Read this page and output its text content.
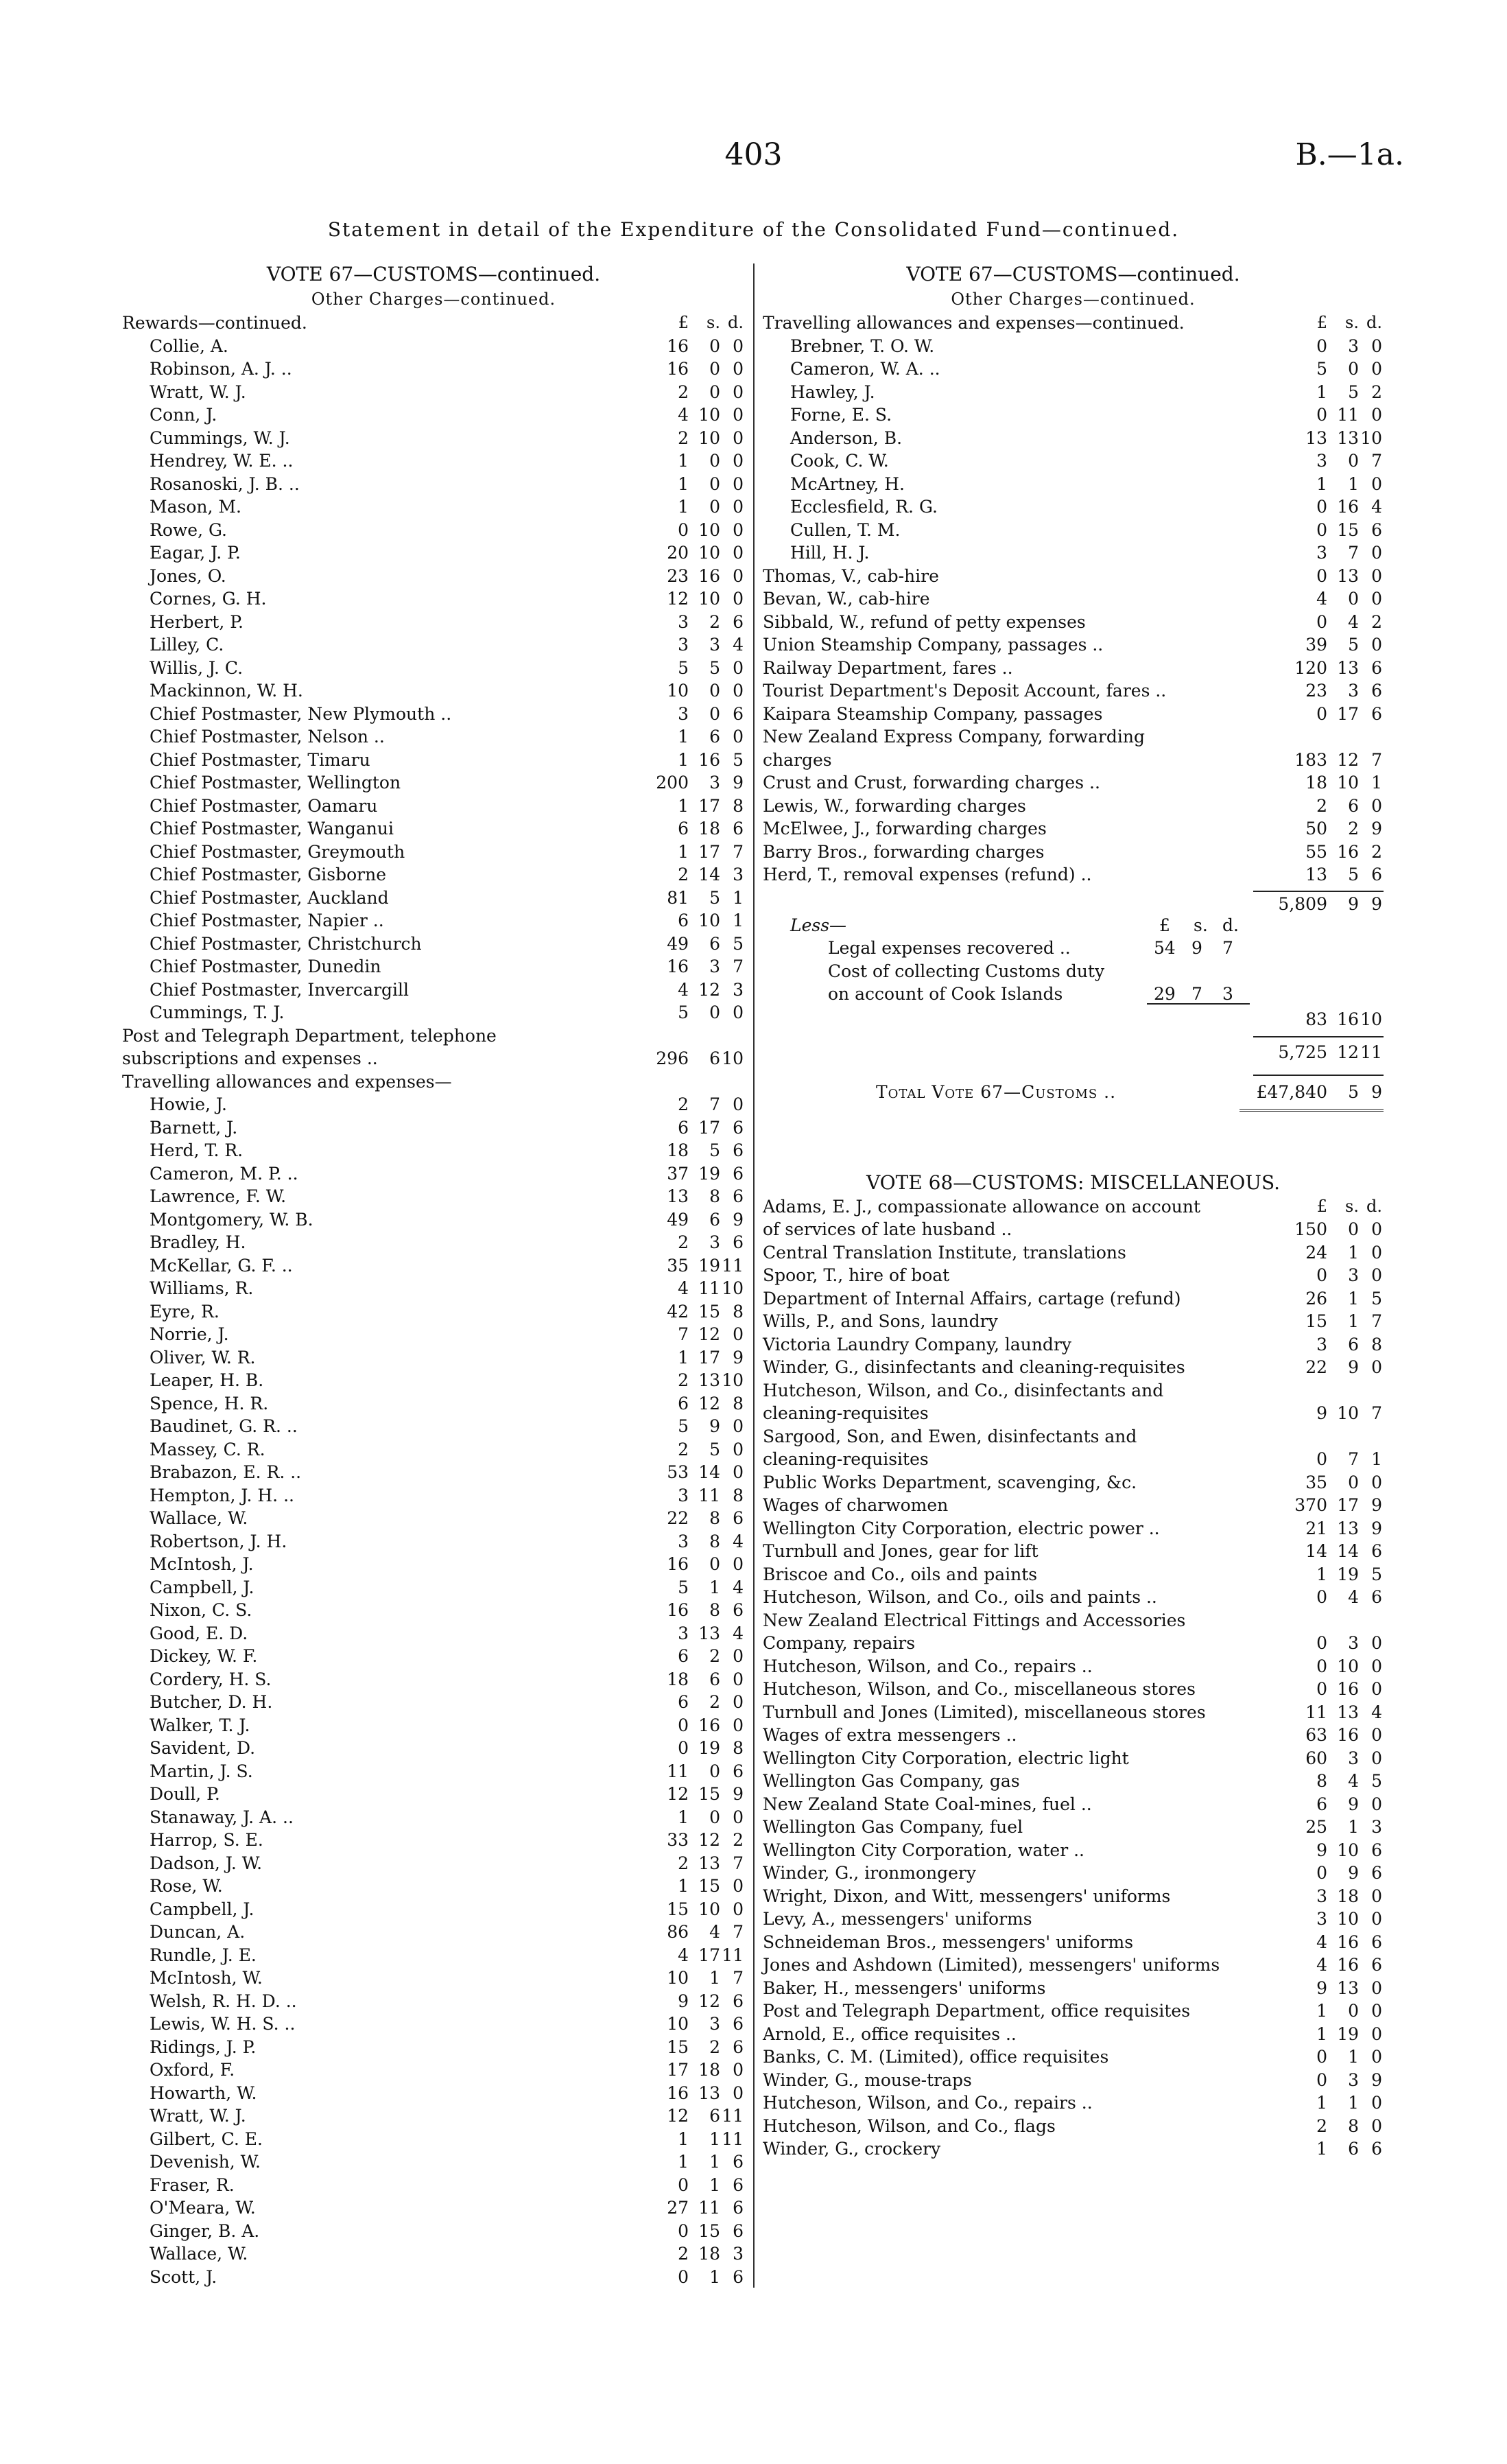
403	B.—1a.
Statement in detail of the Expenditure of the Consolidated Fund—continued.
VOTE 67—CUSTOMS—continued.
Other Charges—continued.
Rewards—continued.	£ s. d.
Collie, A.	16 0 0
Robinson, A. J. ..	16 0 0
Wratt, W. J.	2 0 0
Conn, J.	4 10 0
Cummings, W. J.	2 10 0
Hendrey, W. E. ..	1 0 0
Rosanoski, J. B. ..	1 0 0
Mason, M.	1 0 0
Rowe, G.	0 10 0
Eagar, J. P.	20 10 0
Jones, O.	23 16 0
Cornes, G. H.	12 10 0
Herbert, P.	3 2 6
Lilley, C.	3 3 4
Willis, J. C.	5 5 0
Mackinnon, W. H.	10 0 0
Chief Postmaster, New Plymouth ..	3 0 6
Chief Postmaster, Nelson ..	1 6 0
Chief Postmaster, Timaru	1 16 5
Chief Postmaster, Wellington	200 3 9
Chief Postmaster, Oamaru	1 17 8
Chief Postmaster, Wanganui	6 18 6
Chief Postmaster, Greymouth	1 17 7
Chief Postmaster, Gisborne	2 14 3
Chief Postmaster, Auckland	81 5 1
Chief Postmaster, Napier ..	6 10 1
Chief Postmaster, Christchurch	49 6 5
Chief Postmaster, Dunedin	16 3 7
Chief Postmaster, Invercargill	4 12 3
Cummings, T. J.	5 0 0
Post and Telegraph Department, telephone subscriptions and expenses ..	296 6 10
Travelling allowances and expenses—
Howie, J.	2 7 0
Barnett, J.	6 17 6
Herd, T. R.	18 5 6
Cameron, M. P. ..	37 19 6
Lawrence, F. W.	13 8 6
Montgomery, W. B.	49 6 9
Bradley, H.	2 3 6
McKellar, G. F. ..	35 19 11
Williams, R.	4 11 10
Eyre, R.	42 15 8
Norrie, J.	7 12 0
Oliver, W. R.	1 17 9
Leaper, H. B.	2 13 10
Spence, H. R.	6 12 8
Baudinet, G. R. ..	5 9 0
Massey, C. R.	2 5 0
Brabazon, E. R. ..	53 14 0
Hempton, J. H. ..	3 11 8
Wallace, W.	22 8 6
Robertson, J. H.	3 8 4
McIntosh, J.	16 0 0
Campbell, J.	5 1 4
Nixon, C. S.	16 8 6
Good, E. D.	3 13 4
Dickey, W. F.	6 2 0
Cordery, H. S.	18 6 0
Butcher, D. H.	6 2 0
Walker, T. J.	0 16 0
Savident, D.	0 19 8
Martin, J. S.	11 0 6
Doull, P.	12 15 9
Stanaway, J. A. ..	1 0 0
Harrop, S. E.	33 12 2
Dadson, J. W.	2 13 7
Rose, W.	1 15 0
Campbell, J.	15 10 0
Duncan, A.	86 4 7
Rundle, J. E.	4 17 11
McIntosh, W.	10 1 7
Welsh, R. H. D. ..	9 12 6
Lewis, W. H. S. ..	10 3 6
Ridings, J. P.	15 2 6
Oxford, F.	17 18 0
Howarth, W.	16 13 0
Wratt, W. J.	12 6 11
Gilbert, C. E.	1 1 11
Devenish, W.	1 1 6
Fraser, R.	0 1 6
O'Meara, W.	27 11 6
Ginger, B. A.	0 15 6
Wallace, W.	2 18 3
Scott, J.	0 1 6
VOTE 67—CUSTOMS—continued.
Other Charges—continued.
Travelling allowances and expenses—continued.	£ s. d.
Brebner, T. O. W.	0 3 0
Cameron, W. A. ..	5 0 0
Hawley, J.	1 5 2
Forne, E. S.	0 11 0
Anderson, B.	13 13 10
Cook, C. W.	3 0 7
McArtney, H.	1 1 0
Ecclesfield, R. G.	0 16 4
Cullen, T. M.	0 15 6
Hill, H. J.	3 7 0
Thomas, V., cab-hire	0 13 0
Bevan, W., cab-hire	4 0 0
Sibbald, W., refund of petty expenses	0 4 2
Union Steamship Company, passages ..	39 5 0
Railway Department, fares ..	120 13 6
Tourist Department's Deposit Account, fares ..	23 3 6
Kaipara Steamship Company, passages	0 17 6
New Zealand Express Company, forwarding charges	183 12 7
Crust and Crust, forwarding charges ..	18 10 1
Lewis, W., forwarding charges	2 6 0
McElwee, J., forwarding charges	50 2 9
Barry Bros., forwarding charges	55 16 2
Herd, T., removal expenses (refund) ..	13 5 6
5,809 9 9
Less—	£ s. d.
Legal expenses recovered ..	54 9 7
Cost of collecting Customs duty on account of Cook Islands	29 7 3
83 16 10
5,725 12 11
Total Vote 67—Customs ..	£47,840 5 9
VOTE 68—CUSTOMS: MISCELLANEOUS.
£ s. d.
Adams, E. J., compassionate allowance on account of services of late husband ..	150 0 0
Central Translation Institute, translations	24 1 0
Spoor, T., hire of boat	0 3 0
Department of Internal Affairs, cartage (refund)	26 1 5
Wills, P., and Sons, laundry	15 1 7
Victoria Laundry Company, laundry	3 6 8
Winder, G., disinfectants and cleaning-requisites	22 9 0
Hutcheson, Wilson, and Co., disinfectants and cleaning-requisites	9 10 7
Sargood, Son, and Ewen, disinfectants and cleaning-requisites	0 7 1
Public Works Department, scavenging, &c.	35 0 0
Wages of charwomen	370 17 9
Wellington City Corporation, electric power ..	21 13 9
Turnbull and Jones, gear for lift	14 14 6
Briscoe and Co., oils and paints	1 19 5
Hutcheson, Wilson, and Co., oils and paints ..	0 4 6
New Zealand Electrical Fittings and Accessories Company, repairs	0 3 0
Hutcheson, Wilson, and Co., repairs ..	0 10 0
Hutcheson, Wilson, and Co., miscellaneous stores	0 16 0
Turnbull and Jones (Limited), miscellaneous stores	11 13 4
Wages of extra messengers ..	63 16 0
Wellington City Corporation, electric light	60 3 0
Wellington Gas Company, gas	8 4 5
New Zealand State Coal-mines, fuel ..	6 9 0
Wellington Gas Company, fuel	25 1 3
Wellington City Corporation, water ..	9 10 6
Winder, G., ironmongery	0 9 6
Wright, Dixon, and Witt, messengers' uniforms	3 18 0
Levy, A., messengers' uniforms	3 10 0
Schneideman Bros., messengers' uniforms	4 16 6
Jones and Ashdown (Limited), messengers' uniforms	4 16 6
Baker, H., messengers' uniforms	9 13 0
Post and Telegraph Department, office requisites	1 0 0
Arnold, E., office requisites ..	1 19 0
Banks, C. M. (Limited), office requisites	0 1 0
Winder, G., mouse-traps	0 3 9
Hutcheson, Wilson, and Co., repairs ..	1 1 0
Hutcheson, Wilson, and Co., flags	2 8 0
Winder, G., crockery	1 6 6
